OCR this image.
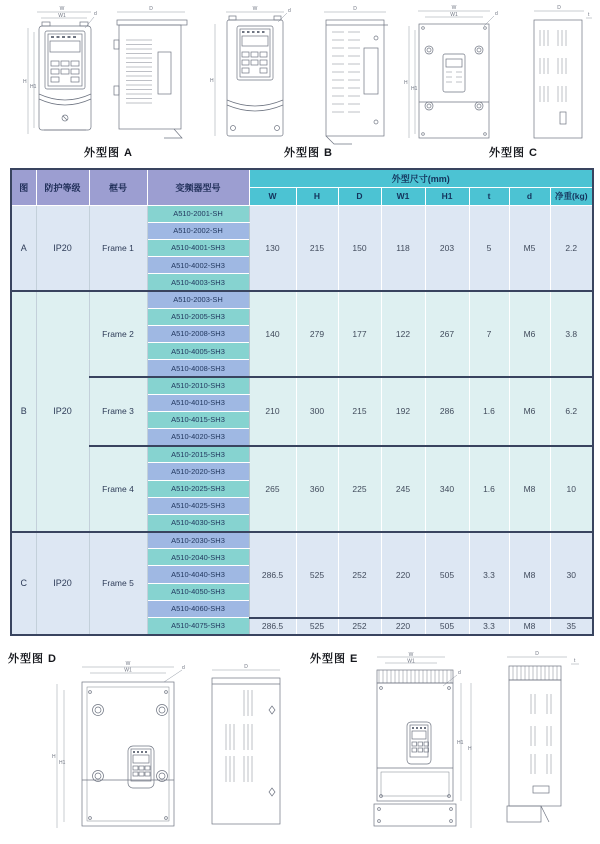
W
W1
H
H1
d
D	W
H
d	D	W
W1
H
H1
d
D
t
外型图 A	外型图 B	外型图 C
图	防护等级	框号	变频器型号	外型尺寸(mm)							
				W	H	D	W1	H1	t	d	净重(kg)
A	IP20	Frame 1	A510-2001-SH	130	215	150	118	203	5	M5	2.2
			A510-2002-SH								
			A510-4001-SH3								
			A510-4002-SH3								
			A510-4003-SH3								
B	IP20	Frame 2	A510-2003-SH	140	279	177	122	267	7	M6	3.8
			A510-2005-SH3								
			A510-2008-SH3								
			A510-4005-SH3								
			A510-4008-SH3								
		Frame 3	A510-2010-SH3	210	300	215	192	286	1.6	M6	6.2
			A510-4010-SH3								
			A510-4015-SH3								
			A510-4020-SH3								
		Frame 4	A510-2015-SH3	265	360	225	245	340	1.6	M8	10
			A510-2020-SH3								
			A510-2025-SH3								
			A510-4025-SH3								
			A510-4030-SH3								
C	IP20	Frame 5	A510-2030-SH3	286.5	525	252	220	505	3.3	M8	30
			A510-2040-SH3								
			A510-4040-SH3								
			A510-4050-SH3								
			A510-4060-SH3								
			A510-4075-SH3	286.5	525	252	220	505	3.3	M8	35
外型图 D	外型图 E
W
W1
H
H1
d	D
W
W1
H1
H
d
D
t
